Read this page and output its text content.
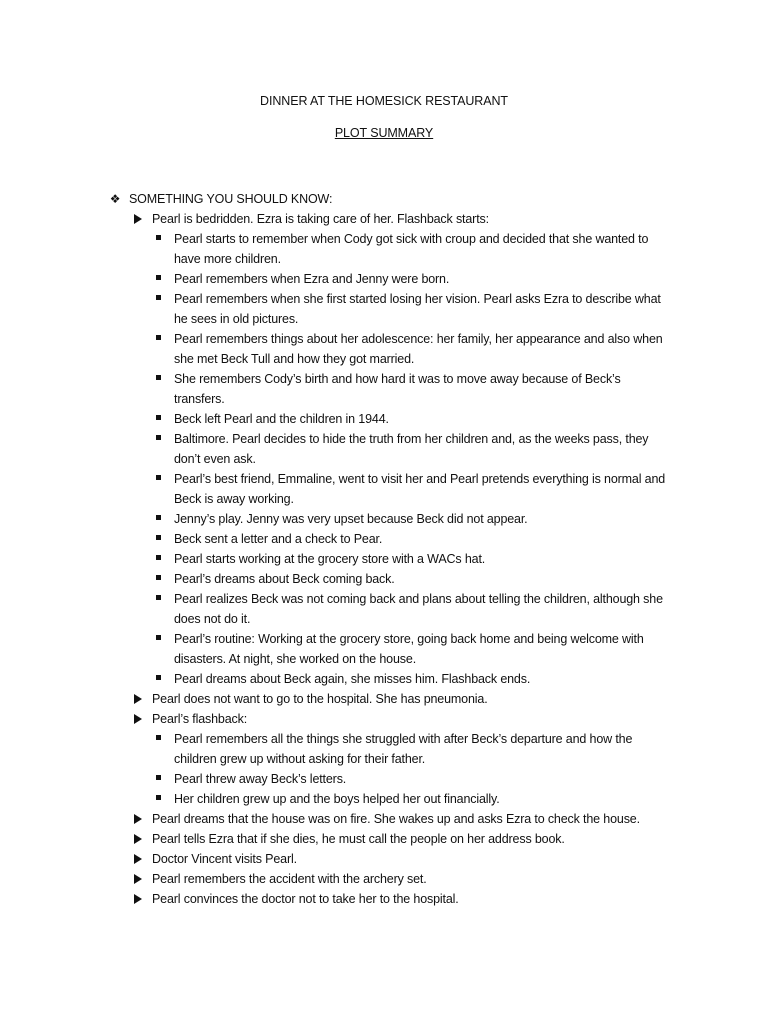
DINNER AT THE HOMESICK RESTAURANT
PLOT SUMMARY
❖ SOMETHING YOU SHOULD KNOW:
Pearl is bedridden. Ezra is taking care of her. Flashback starts:
Pearl starts to remember when Cody got sick with croup and decided that she wanted to have more children.
Pearl remembers when Ezra and Jenny were born.
Pearl remembers when she first started losing her vision. Pearl asks Ezra to describe what he sees in old pictures.
Pearl remembers things about her adolescence: her family, her appearance and also when she met Beck Tull and how they got married.
She remembers Cody’s birth and how hard it was to move away because of Beck’s transfers.
Beck left Pearl and the children in 1944.
Baltimore. Pearl decides to hide the truth from her children and, as the weeks pass, they don’t even ask.
Pearl’s best friend, Emmaline, went to visit her and Pearl pretends everything is normal and Beck is away working.
Jenny’s play. Jenny was very upset because Beck did not appear.
Beck sent a letter and a check to Pear.
Pearl starts working at the grocery store with a WACs hat.
Pearl’s dreams about Beck coming back.
Pearl realizes Beck was not coming back and plans about telling the children, although she does not do it.
Pearl’s routine: Working at the grocery store, going back home and being welcome with disasters. At night, she worked on the house.
Pearl dreams about Beck again, she misses him. Flashback ends.
Pearl does not want to go to the hospital. She has pneumonia.
Pearl’s flashback:
Pearl remembers all the things she struggled with after Beck’s departure and how the children grew up without asking for their father.
Pearl threw away Beck’s letters.
Her children grew up and the boys helped her out financially.
Pearl dreams that the house was on fire. She wakes up and asks Ezra to check the house.
Pearl tells Ezra that if she dies, he must call the people on her address book.
Doctor Vincent visits Pearl.
Pearl remembers the accident with the archery set.
Pearl convinces the doctor not to take her to the hospital.
